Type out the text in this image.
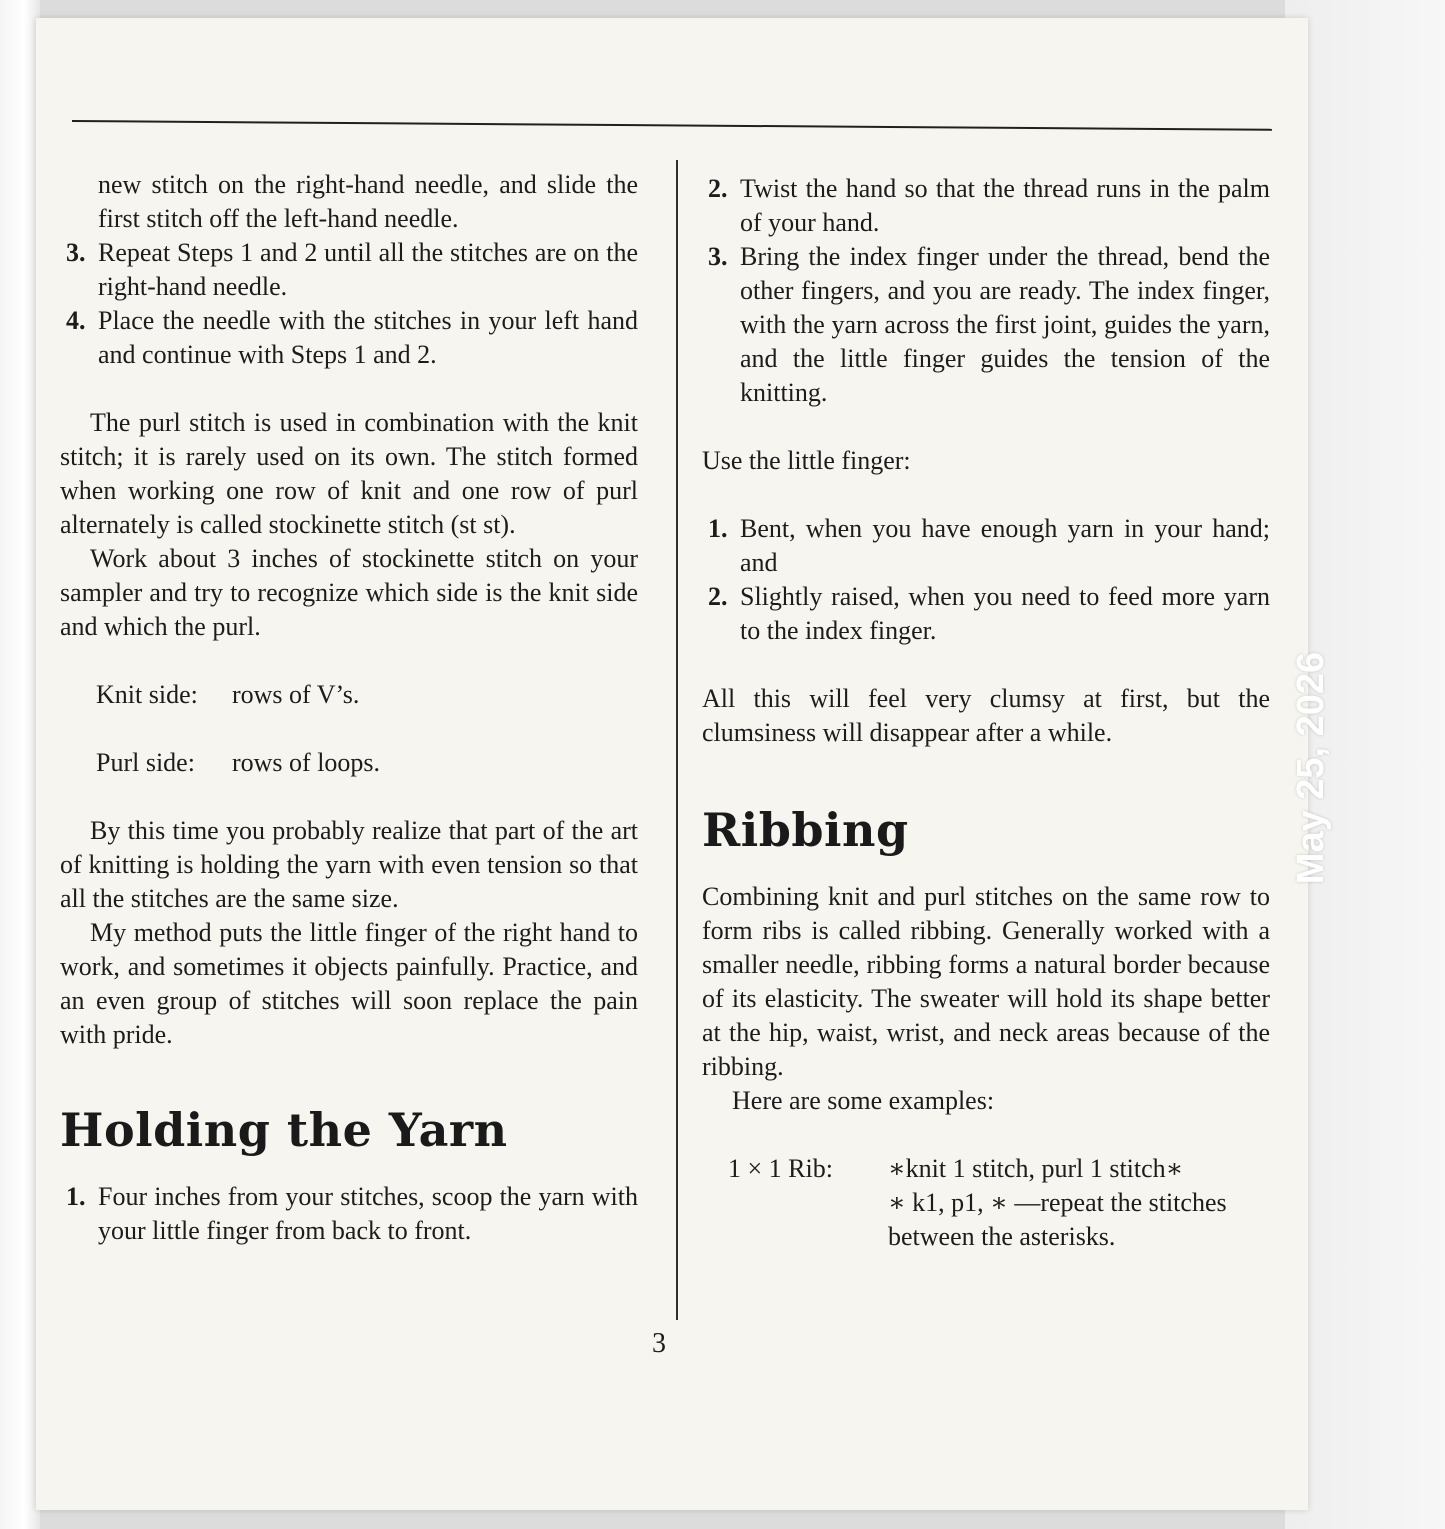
new stitch on the right-hand needle, and slide the first stitch off the left-hand needle.

3. Repeat Steps 1 and 2 until all the stitches are on the right-hand needle.
4. Place the needle with the stitches in your left hand and continue with Steps 1 and 2.

The purl stitch is used in combination with the knit stitch; it is rarely used on its own. The stitch formed when working one row of knit and one row of purl alternately is called stockinette stitch (st st).

Work about 3 inches of stockinette stitch on your sampler and try to recognize which side is the knit side and which the purl.

Knit side: rows of V’s.

Purl side: rows of loops.

By this time you probably realize that part of the art of knitting is holding the yarn with even tension so that all the stitches are the same size.

My method puts the little finger of the right hand to work, and sometimes it objects painfully. Practice, and an even group of stitches will soon replace the pain with pride.

Holding the Yarn
1. Four inches from your stitches, scoop the yarn with your little finger from back to front.
2. Twist the hand so that the thread runs in the palm of your hand.
3. Bring the index finger under the thread, bend the other fingers, and you are ready. The index finger, with the yarn across the first joint, guides the yarn, and the little finger guides the tension of the knitting.

Use the little finger:

1. Bent, when you have enough yarn in your hand; and
2. Slightly raised, when you need to feed more yarn to the index finger.

All this will feel very clumsy at first, but the clumsiness will disappear after a while.

Ribbing

Combining knit and purl stitches on the same row to form ribs is called ribbing. Generally worked with a smaller needle, ribbing forms a natural border because of its elasticity. The sweater will hold its shape better at the hip, waist, wrist, and neck areas because of the ribbing.

Here are some examples:

1 × 1 Rib:	∗knit 1 stitch, purl 1 stitch∗
∗ k1, p1, ∗ —repeat the stitches between the asterisks.
3
May 25, 2026
